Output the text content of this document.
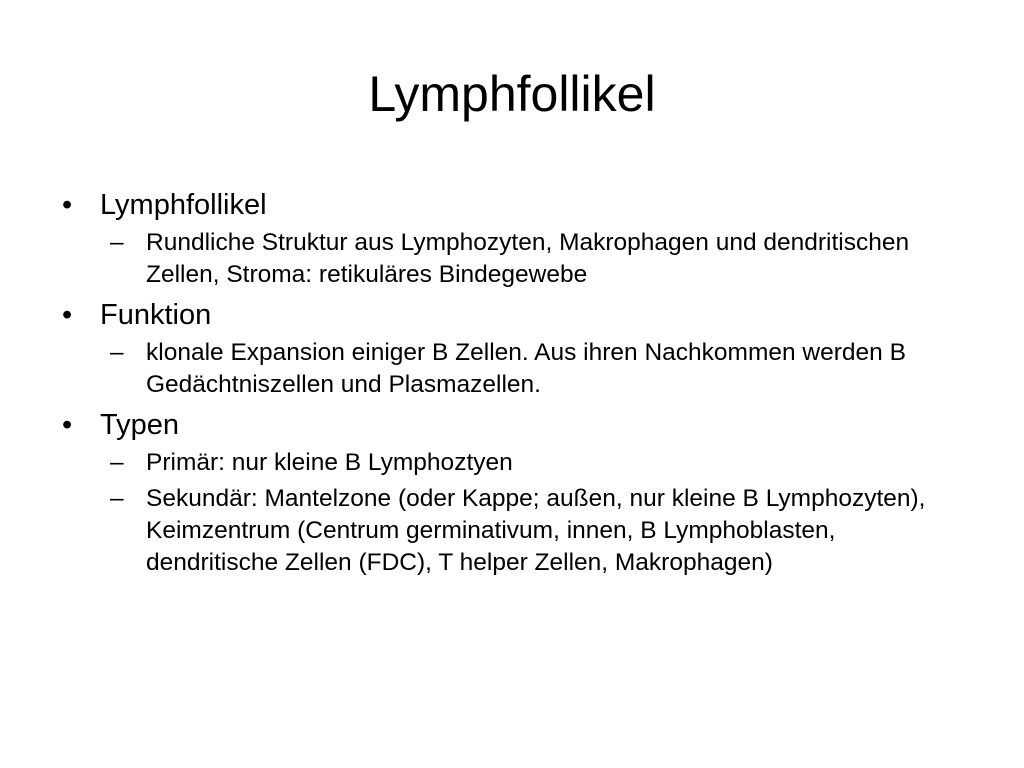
Lymphfollikel
• Lymphfollikel
– Rundliche Struktur aus Lymphozyten, Makrophagen und dendritischen Zellen, Stroma: retikuläres Bindegewebe
• Funktion
– klonale Expansion einiger B Zellen. Aus ihren Nachkommen werden B Gedächtniszellen und Plasmazellen.
• Typen
– Primär: nur kleine B Lymphoztyen
– Sekundär: Mantelzone (oder Kappe; außen, nur kleine B Lymphozyten), Keimzentrum (Centrum germinativum, innen, B Lymphoblasten, dendritische Zellen (FDC), T helper Zellen, Makrophagen)
